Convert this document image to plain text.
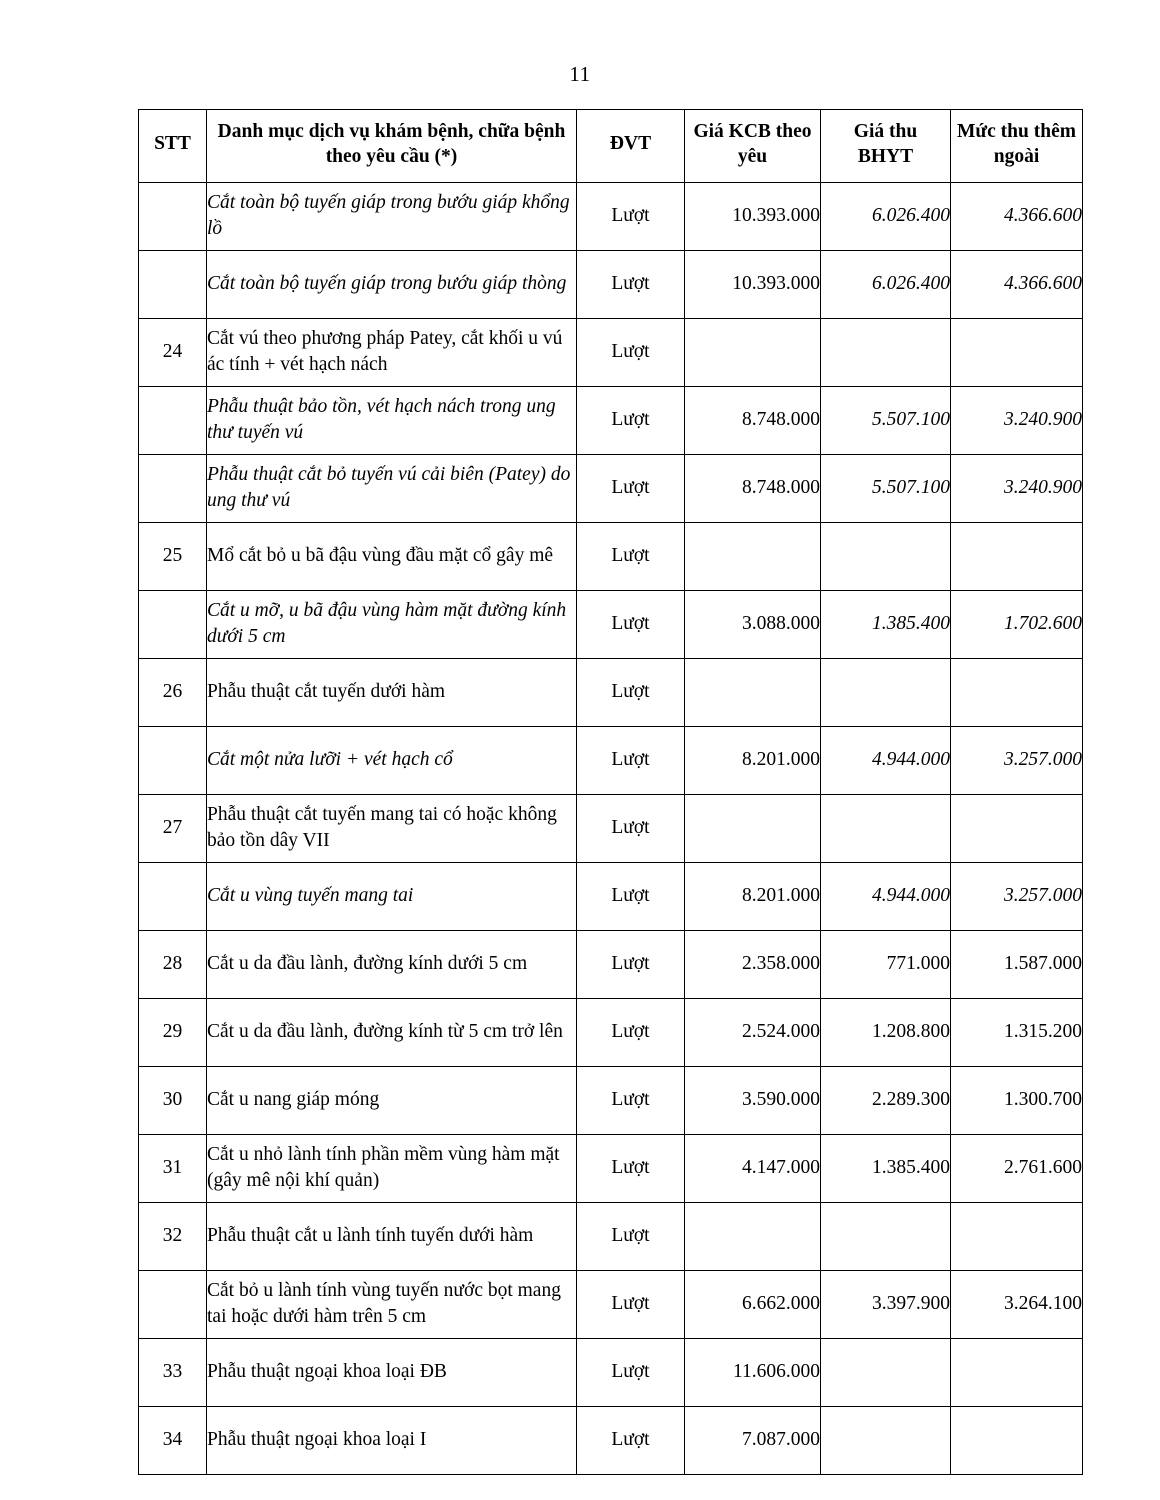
11
STT	Danh mục dịch vụ khám bệnh, chữa bệnh theo yêu cầu (*)	ĐVT	Giá KCB theo yêu	Giá thu BHYT	Mức thu thêm ngoài
	Cắt toàn bộ tuyến giáp trong bướu giáp khổng lồ	Lượt	10.393.000	6.026.400	4.366.600
	Cắt toàn bộ tuyến giáp trong bướu giáp thòng	Lượt	10.393.000	6.026.400	4.366.600
24	Cắt vú theo phương pháp Patey, cắt khối u vú ác tính + vét hạch nách	Lượt			
	Phẫu thuật bảo tồn, vét hạch nách trong ung thư tuyến vú	Lượt	8.748.000	5.507.100	3.240.900
	Phẫu thuật cắt bỏ tuyến vú cải biên (Patey) do ung thư vú	Lượt	8.748.000	5.507.100	3.240.900
25	Mổ cắt bỏ u bã đậu vùng đầu mặt cổ gây mê	Lượt			
	Cắt u mỡ, u bã đậu vùng hàm mặt đường kính dưới 5 cm	Lượt	3.088.000	1.385.400	1.702.600
26	Phẫu thuật cắt tuyến dưới hàm	Lượt			
	Cắt một nửa lưỡi + vét hạch cổ	Lượt	8.201.000	4.944.000	3.257.000
27	Phẫu thuật cắt tuyến mang tai có hoặc không bảo tồn dây VII	Lượt			
	Cắt u vùng tuyến mang tai	Lượt	8.201.000	4.944.000	3.257.000
28	Cắt u da đầu lành, đường kính dưới 5 cm	Lượt	2.358.000	771.000	1.587.000
29	Cắt u da đầu lành, đường kính từ 5 cm trở lên	Lượt	2.524.000	1.208.800	1.315.200
30	Cắt u nang giáp móng	Lượt	3.590.000	2.289.300	1.300.700
31	Cắt u nhỏ lành tính phần mềm vùng hàm mặt (gây mê nội khí quản)	Lượt	4.147.000	1.385.400	2.761.600
32	Phẫu thuật cắt u lành tính tuyến dưới hàm	Lượt			
	Cắt bỏ u lành tính vùng tuyến nước bọt mang tai hoặc dưới hàm trên 5 cm	Lượt	6.662.000	3.397.900	3.264.100
33	Phẫu thuật ngoại khoa loại ĐB	Lượt	11.606.000		
34	Phẫu thuật ngoại khoa loại I	Lượt	7.087.000		
